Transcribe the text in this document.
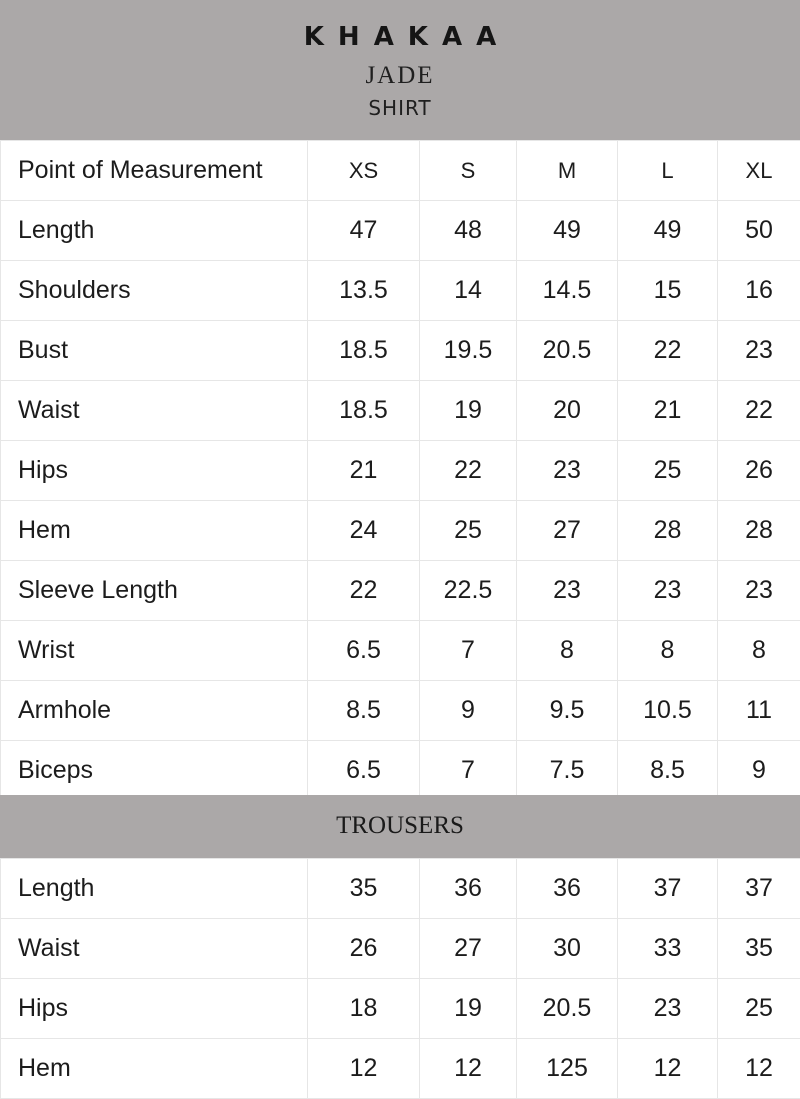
KHAKAA
JADE
SHIRT
Point of Measurement	XS	S	M	L	XL
Length	47	48	49	49	50
Shoulders	13.5	14	14.5	15	16
Bust	18.5	19.5	20.5	22	23
Waist	18.5	19	20	21	22
Hips	21	22	23	25	26
Hem	24	25	27	28	28
Sleeve Length	22	22.5	23	23	23
Wrist	6.5	7	8	8	8
Armhole	8.5	9	9.5	10.5	11
Biceps	6.5	7	7.5	8.5	9
TROUSERS
Length	35	36	36	37	37
Waist	26	27	30	33	35
Hips	18	19	20.5	23	25
Hem	12	12	125	12	12
